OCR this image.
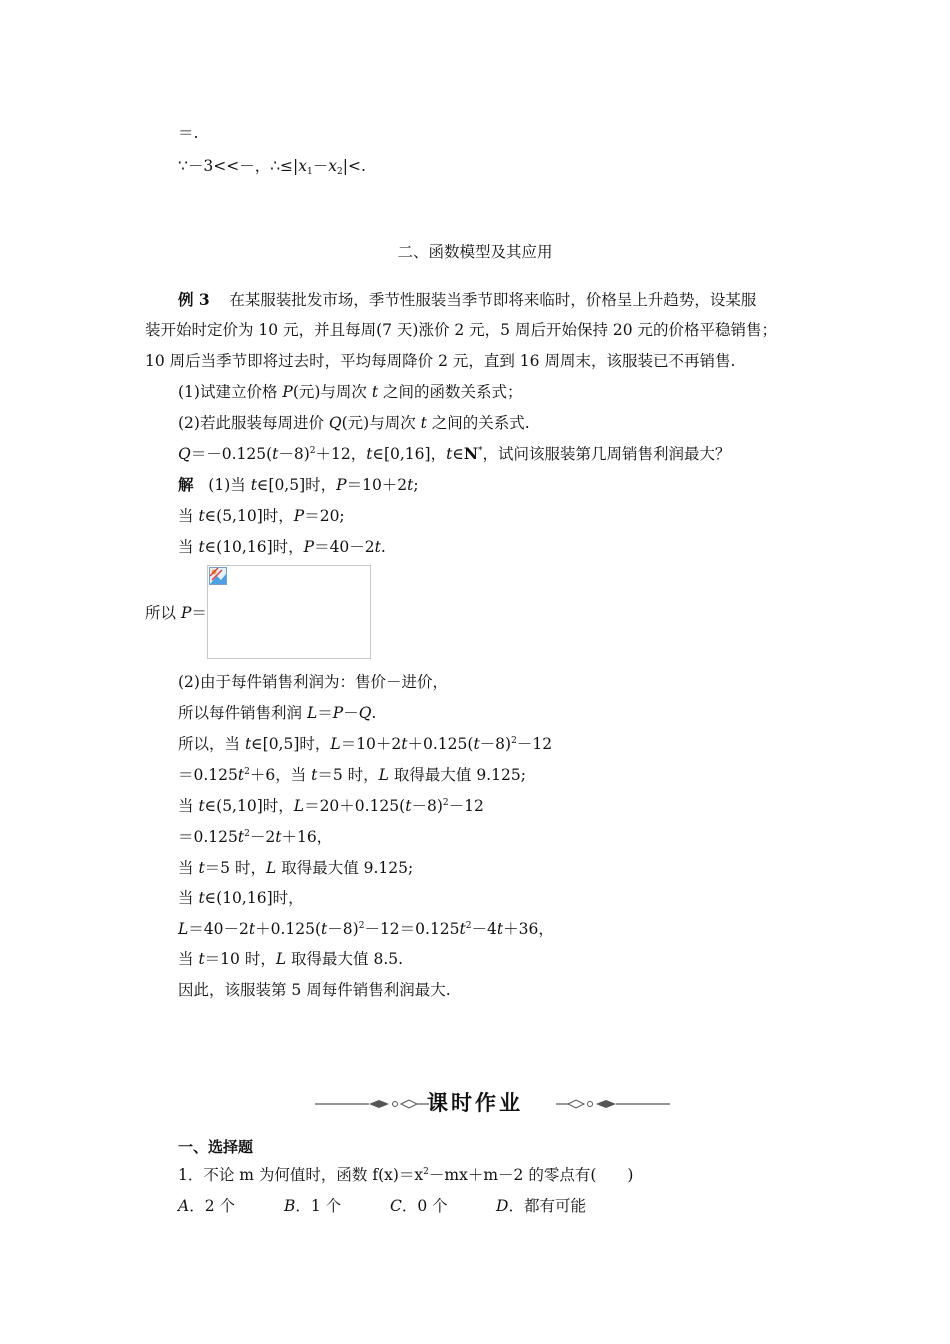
＝.
∵－3<<－，$\therefore\le|x_1-x_2|<$.
二、函数模型及其应用
例 3 在某服装批发市场，季节性服装当季节即将来临时，价格呈上升趋势，设某服
装开始时定价为 10 元，并且每周(7 天)涨价 2 元，5 周后开始保持 20 元的价格平稳销售；
10 周后当季节即将过去时，平均每周降价 2 元，直到 16 周周末，该服装已不再销售.
(1)试建立价格 P(元)与周次 t 之间的函数关系式；
(2)若此服装每周进价 Q(元)与周次 t 之间的关系式.
$Q=-0.125(t-8)^2+12$，t∈[0,16]，t∈N*，试问该服装第几周销售利润最大？
解 (1)当 t∈[0,5]时，P＝10＋2t;
当 t∈(5,10]时，P＝20;
当 t∈(10,16]时，P＝40－2t.
所以 P＝
(2)由于每件销售利润为：售价－进价，
所以每件销售利润 L＝P－Q.
所以，当 t∈[0,5]时，$L=10+2t+0.125(t-8)^2-12$
$=0.125t^2+6$，当 t＝5 时，L 取得最大值 9.125;
当 t∈(5,10]时，$L=20+0.125(t-8)^2-12$
$=0.125t^2-2t+16$，
当 t＝5 时，L 取得最大值 9.125;
当 t∈(10,16]时，
$L=40-2t+0.125(t-8)^2-12=0.125t^2-4t+36$，
当 t＝10 时，L 取得最大值 8.5.
因此，该服装第 5 周每件销售利润最大.
课时作业
一、选择题
1．不论 m 为何值时，函数 $f(x)=x^2-mx+m-2$ 的零点有(　　)
A．2 个	B．1 个	C．0 个	D．都有可能
